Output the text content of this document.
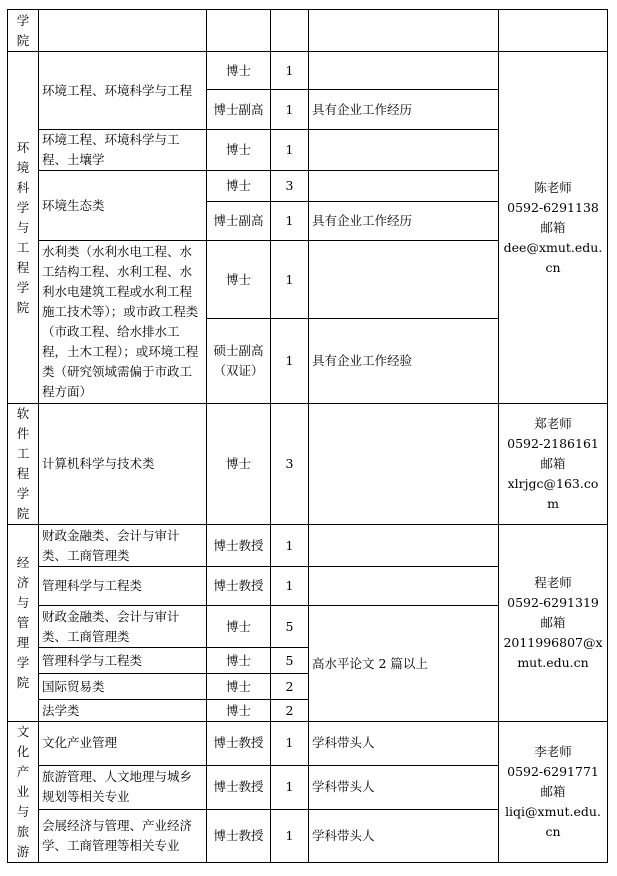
学院					
环境科学与工程学院	环境工程、环境科学与工程	博士	1		陈老师
0592-6291138
邮箱
dee@xmut.edu.cn

		博士副高	1	具有企业工作经历	
	环境工程、环境科学与工程、土壤学	博士	1		
	环境生态类	博士	3		
		博士副高	1	具有企业工作经历	
	水利类（水利水电工程、水工结构工程、水利工程、水利水电建筑工程或水利工程施工技术等）；或市政工程类（市政工程、给水排水工程，土木工程）；或环境工程类（研究领域需偏于市政工程方面）	博士	1		
		硕士副高（双证）	1	具有企业工作经验	
软件工程学院	计算机科学与技术类	博士	3		郑老师
0592-2186161
邮箱
xlrjgc@163.com

经济与管理学院	财政金融类、会计与审计类、工商管理类	博士教授	1		程老师
0592-6291319
邮箱
2011996807@xmut.edu.cn

	管理科学与工程类	博士教授	1		
	财政金融类、会计与审计类、工商管理类	博士	5	高水平论文 2 篇以上	
	管理科学与工程类	博士	5		
	国际贸易类	博士	2		
	法学类	博士	2		
文化产业与旅游	文化产业管理	博士教授	1	学科带头人	李老师
0592-6291771
邮箱
liqi@xmut.edu.cn

	旅游管理、人文地理与城乡规划等相关专业	博士教授	1	学科带头人	
	会展经济与管理、产业经济学、工商管理等相关专业	博士教授	1	学科带头人	
